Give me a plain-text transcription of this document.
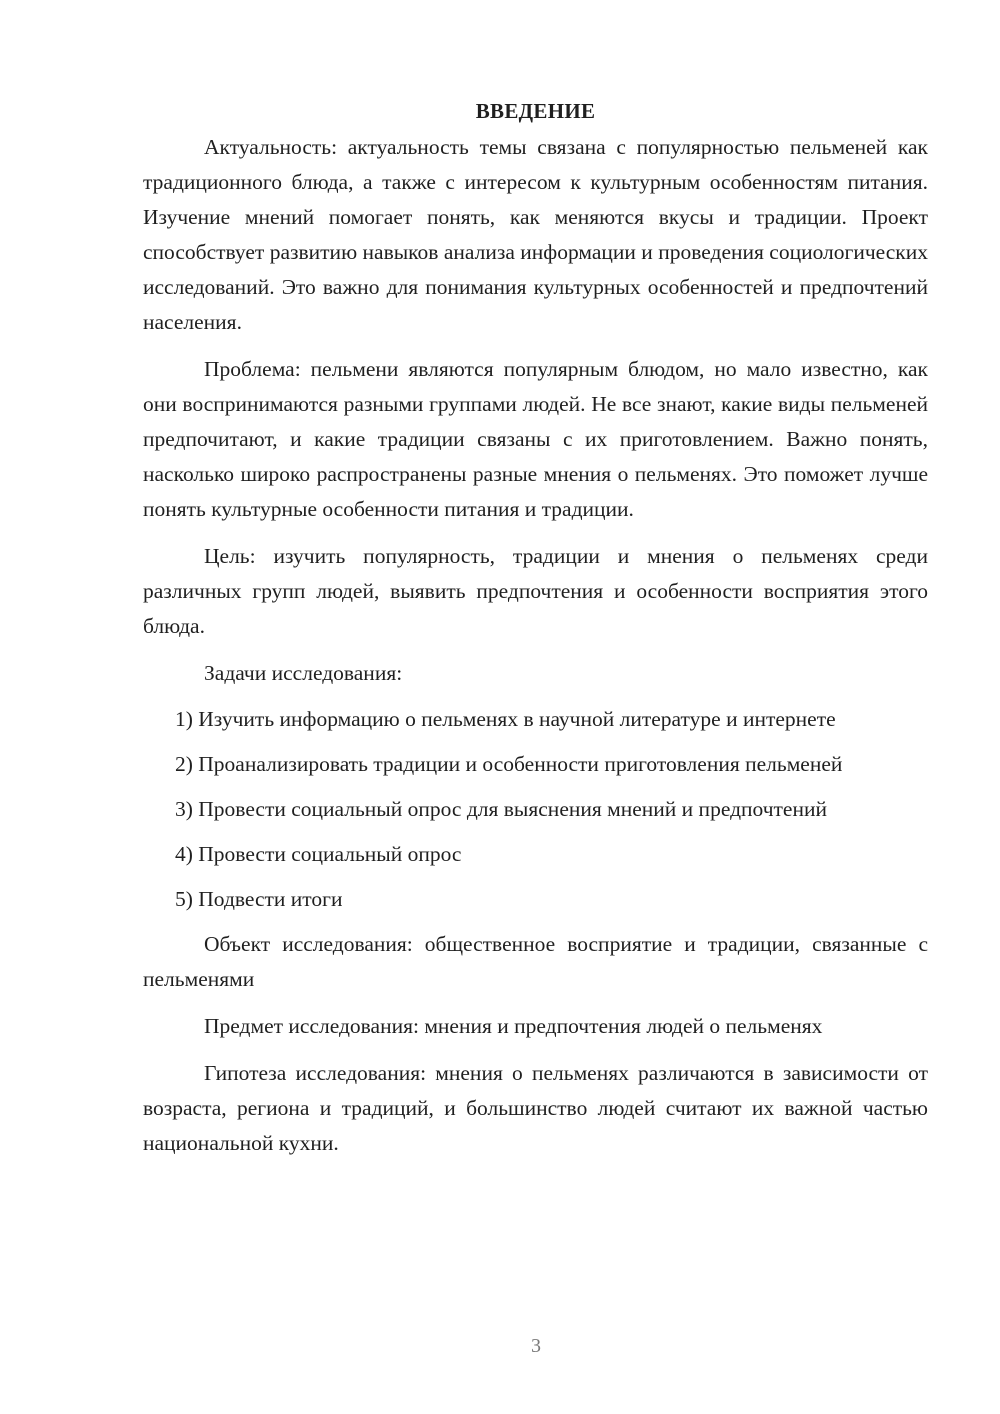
ВВЕДЕНИЕ

Актуальность: актуальность темы связана с популярностью пельменей как традиционного блюда, а также с интересом к культурным особенностям питания. Изучение мнений помогает понять, как меняются вкусы и традиции. Проект способствует развитию навыков анализа информации и проведения социологических исследований. Это важно для понимания культурных особенностей и предпочтений населения.

Проблема: пельмени являются популярным блюдом, но мало известно, как они воспринимаются разными группами людей. Не все знают, какие виды пельменей предпочитают, и какие традиции связаны с их приготовлением. Важно понять, насколько широко распространены разные мнения о пельменях. Это поможет лучше понять культурные особенности питания и традиции.

Цель: изучить популярность, традиции и мнения о пельменях среди различных групп людей, выявить предпочтения и особенности восприятия этого блюда.

Задачи исследования:

1) Изучить информацию о пельменях в научной литературе и интернете

2) Проанализировать традиции и особенности приготовления пельменей

3) Провести социальный опрос для выяснения мнений и предпочтений

4) Провести социальный опрос

5) Подвести итоги

Объект исследования: общественное восприятие и традиции, связанные с пельменями

Предмет исследования: мнения и предпочтения людей о пельменях

Гипотеза исследования: мнения о пельменях различаются в зависимости от возраста, региона и традиций, и большинство людей считают их важной частью национальной кухни.

3
